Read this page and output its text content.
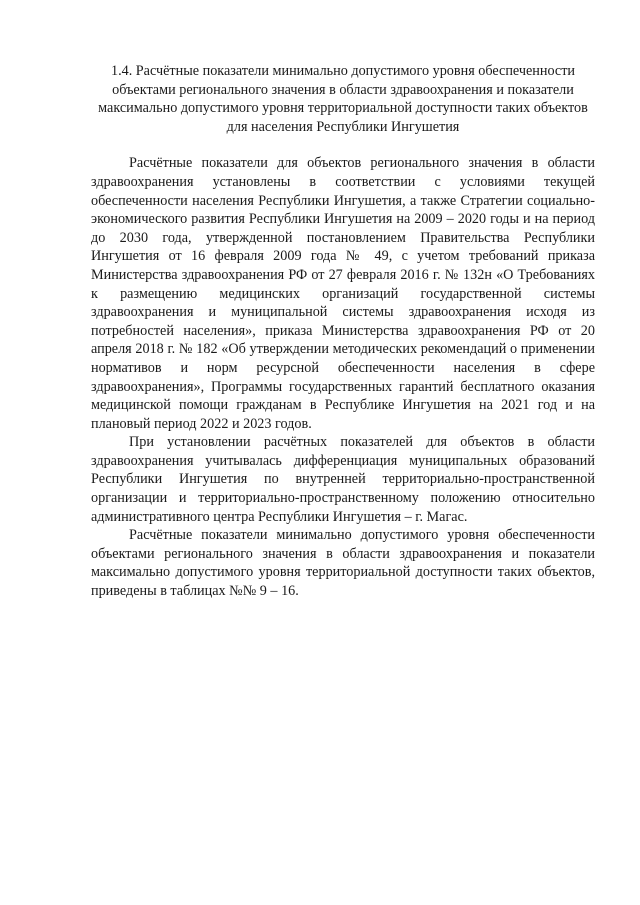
1.4. Расчётные показатели минимально допустимого уровня обеспеченности
объектами регионального значения в области здравоохранения и показатели
максимально допустимого уровня территориальной доступности таких объектов
для населения Республики Ингушетия

Расчётные показатели для объектов регионального значения в области здравоохранения установлены в соответствии с условиями текущей обеспеченности населения Республики Ингушетия, а также Стратегии социально-экономического развития Республики Ингушетия на 2009 – 2020 годы и на период до 2030 года, утвержденной постановлением Правительства Республики Ингушетия от 16 февраля 2009 года № 49, с учетом требований приказа Министерства здравоохранения РФ от 27 февраля 2016 г. № 132н «О Требованиях к размещению медицинских организаций государственной системы здравоохранения и муниципальной системы здравоохранения исходя из потребностей населения», приказа Министерства здравоохранения РФ от 20 апреля 2018 г. № 182 «Об утверждении методических рекомендаций о применении нормативов и норм ресурсной обеспеченности населения в сфере здравоохранения», Программы государственных гарантий бесплатного оказания медицинской помощи гражданам в Республике Ингушетия на 2021 год и на плановый период 2022 и 2023 годов.

При установлении расчётных показателей для объектов в области здравоохранения учитывалась дифференциация муниципальных образований Республики Ингушетия по внутренней территориально-пространственной организации и территориально-пространственному положению относительно административного центра Республики Ингушетия – г. Магас.

Расчётные показатели минимально допустимого уровня обеспеченности объектами регионального значения в области здравоохранения и показатели максимально допустимого уровня территориальной доступности таких объектов, приведены в таблицах №№ 9 – 16.
